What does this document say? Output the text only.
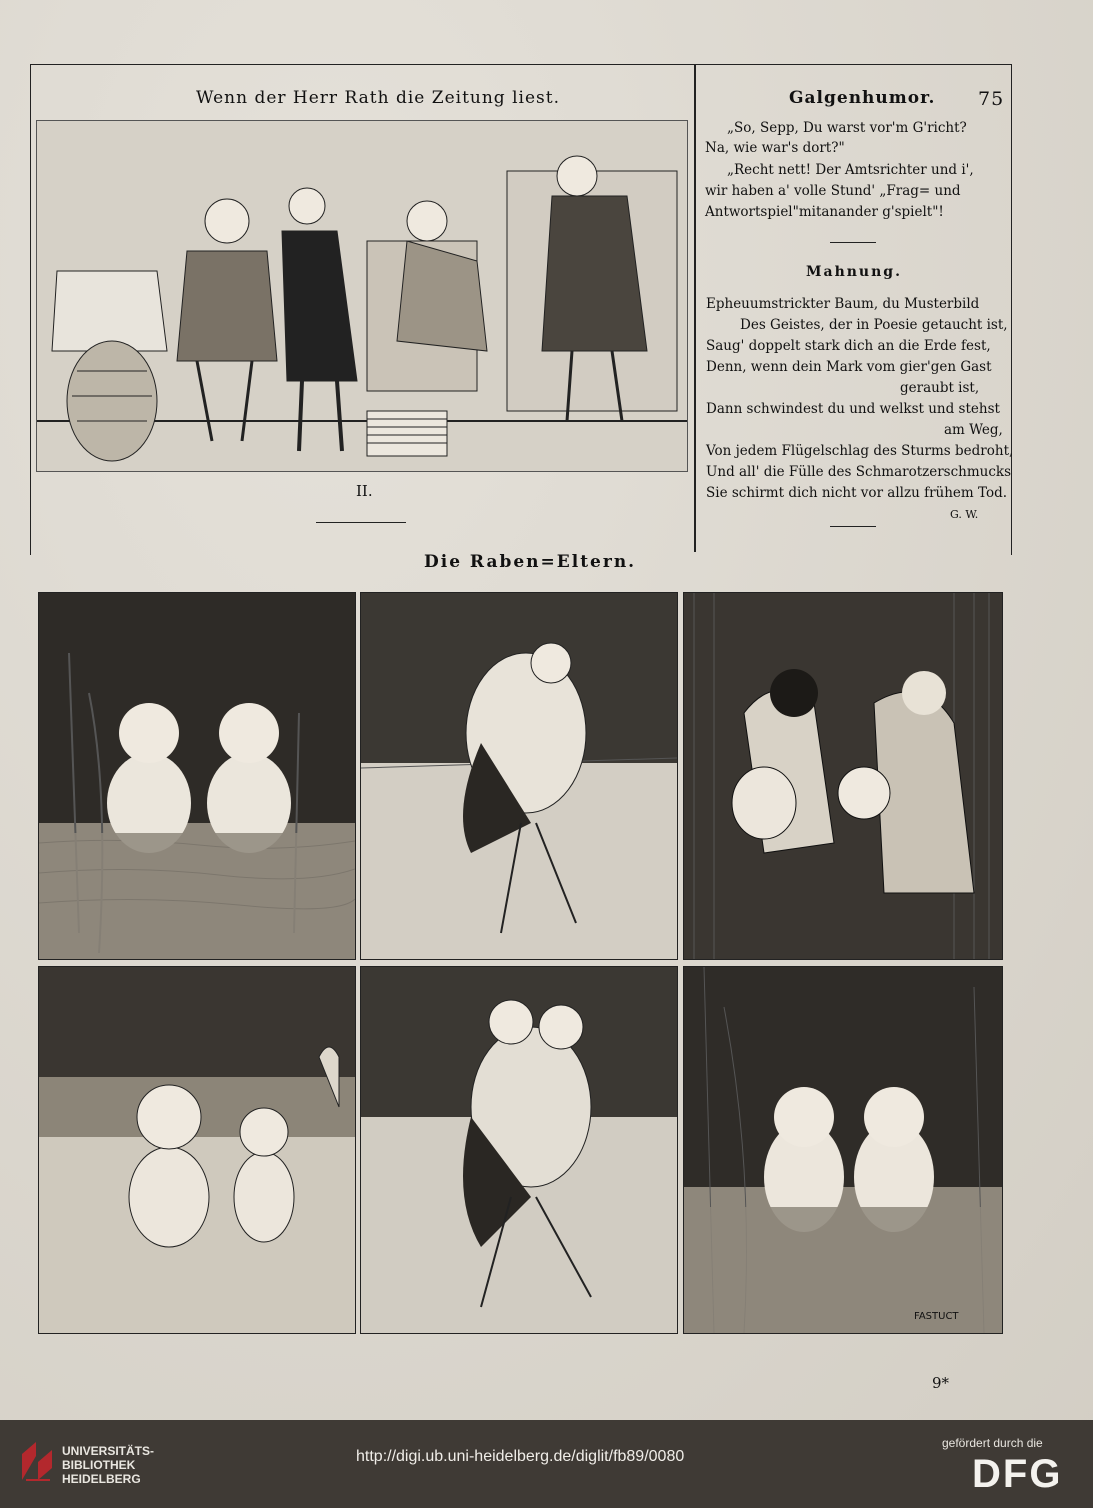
Wenn der Herr Rath die Zeitung liest.	Galgenhumor. 75
II.
„So, Sepp, Du warst vor'm G'richt?
Na, wie war's dort?"
„Recht nett! Der Amtsrichter und i',
wir haben a' volle Stund' „Frag= und
Antwortspiel"mitanander g'spielt"!
Mahnung.
Epheuumstrickter Baum, du Musterbild
Des Geistes, der in Poesie getaucht ist,
Saug' doppelt stark dich an die Erde fest,
Denn, wenn dein Mark vom gier'gen Gast
geraubt ist,
Dann schwindest du und welkst und stehst
am Weg,
Von jedem Flügelschlag des Sturms bedroht,
Und all' die Fülle des Schmarotzerschmucks
Sie schirmt dich nicht vor allzu frühem Tod.
G. W.
Die Raben=Eltern.
FASTUCT
9*
UNIVERSITÄTS-
BIBLIOTHEK
HEIDELBERG
http://digi.ub.uni-heidelberg.de/diglit/fb89/0080
gefördert durch die
DFG
